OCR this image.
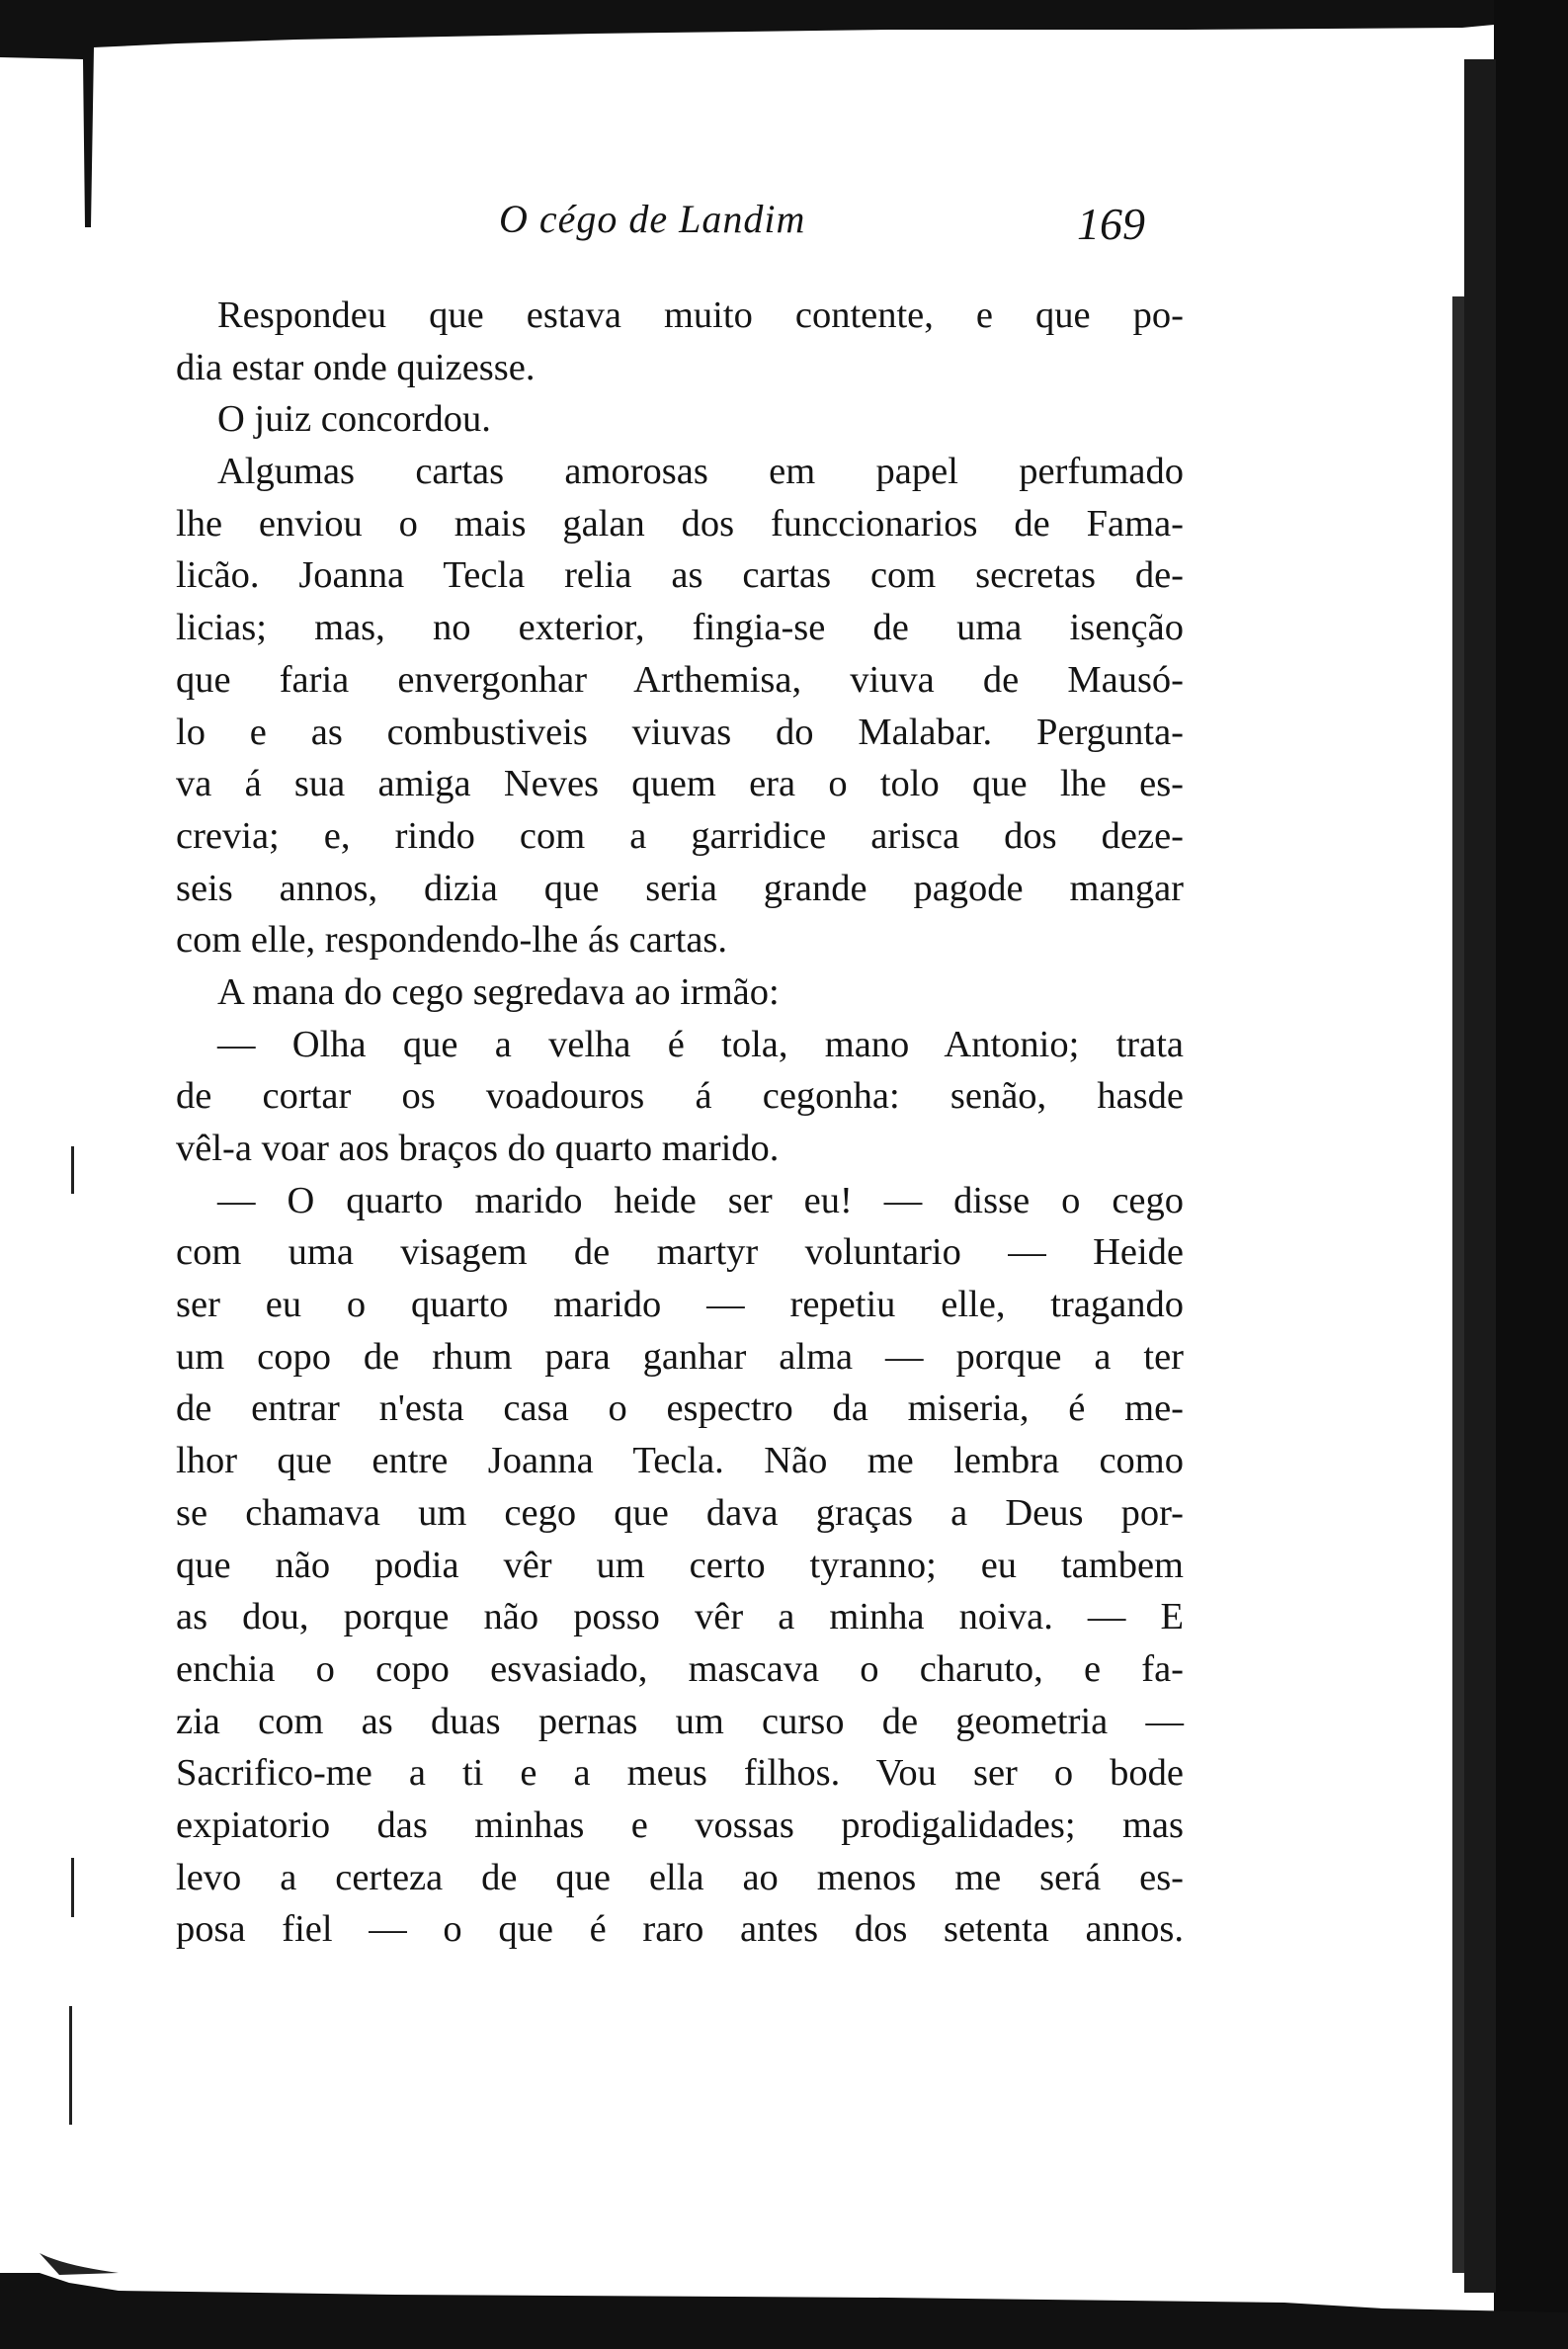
O cégo de Landim	169
Respondeu que estava muito contente, e que po-
dia estar onde quizesse.
O juiz concordou.
Algumas cartas amorosas em papel perfumado
lhe enviou o mais galan dos funccionarios de Fama-
licão. Joanna Tecla relia as cartas com secretas de-
licias; mas, no exterior, fingia-se de uma isenção
que faria envergonhar Arthemisa, viuva de Mausó-
lo e as combustiveis viuvas do Malabar. Pergunta-
va á sua amiga Neves quem era o tolo que lhe es-
crevia; e, rindo com a garridice arisca dos deze-
seis annos, dizia que seria grande pagode mangar
com elle, respondendo-lhe ás cartas.
A mana do cego segredava ao irmão:
— Olha que a velha é tola, mano Antonio; trata
de cortar os voadouros á cegonha: senão, hasde
vêl-a voar aos braços do quarto marido.
— O quarto marido heide ser eu! — disse o cego
com uma visagem de martyr voluntario — Heide
ser eu o quarto marido — repetiu elle, tragando
um copo de rhum para ganhar alma — porque a ter
de entrar n'esta casa o espectro da miseria, é me-
lhor que entre Joanna Tecla. Não me lembra como
se chamava um cego que dava graças a Deus por-
que não podia vêr um certo tyranno; eu tambem
as dou, porque não posso vêr a minha noiva. — E
enchia o copo esvasiado, mascava o charuto, e fa-
zia com as duas pernas um curso de geometria —
Sacrifico-me a ti e a meus filhos. Vou ser o bode
expiatorio das minhas e vossas prodigalidades; mas
levo a certeza de que ella ao menos me será es-
posa fiel — o que é raro antes dos setenta annos.
